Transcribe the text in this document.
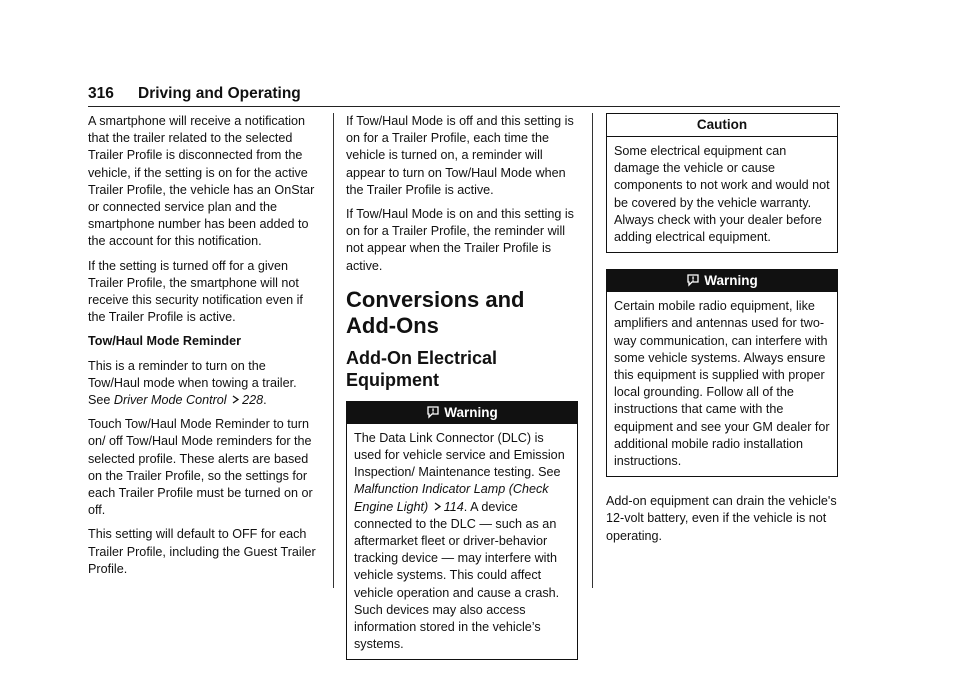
316 Driving and Operating

A smartphone will receive a notification that the trailer related to the selected Trailer Profile is disconnected from the vehicle, if the setting is on for the active Trailer Profile, the vehicle has an OnStar or connected service plan and the smartphone number has been added to the account for this notification.

If the setting is turned off for a given Trailer Profile, the smartphone will not receive this security notification even if the Trailer Profile is active.

Tow/Haul Mode Reminder

This is a reminder to turn on the Tow/Haul mode when towing a trailer. See Driver Mode Control 228.

Touch Tow/Haul Mode Reminder to turn on/ off Tow/Haul Mode reminders for the selected profile. These alerts are based on the Trailer Profile, so the settings for each Trailer Profile must be turned on or off.

This setting will default to OFF for each Trailer Profile, including the Guest Trailer Profile.

If Tow/Haul Mode is off and this setting is on for a Trailer Profile, each time the vehicle is turned on, a reminder will appear to turn on Tow/Haul Mode when the Trailer Profile is active.

If Tow/Haul Mode is on and this setting is on for a Trailer Profile, the reminder will not appear when the Trailer Profile is active.

Conversions and Add-Ons
Add-On Electrical Equipment
Warning
The Data Link Connector (DLC) is used for vehicle service and Emission Inspection/ Maintenance testing. See Malfunction Indicator Lamp (Check Engine Light) 114. A device connected to the DLC — such as an aftermarket fleet or driver-behavior tracking device — may interfere with vehicle systems. This could affect vehicle operation and cause a crash. Such devices may also access information stored in the vehicle’s systems.
Caution
Some electrical equipment can damage the vehicle or cause components to not work and would not be covered by the vehicle warranty. Always check with your dealer before adding electrical equipment.
Warning
Certain mobile radio equipment, like amplifiers and antennas used for two-way communication, can interfere with some vehicle systems. Always ensure this equipment is supplied with proper local grounding. Follow all of the instructions that came with the equipment and see your GM dealer for additional mobile radio installation instructions.

Add-on equipment can drain the vehicle's 12-volt battery, even if the vehicle is not operating.
